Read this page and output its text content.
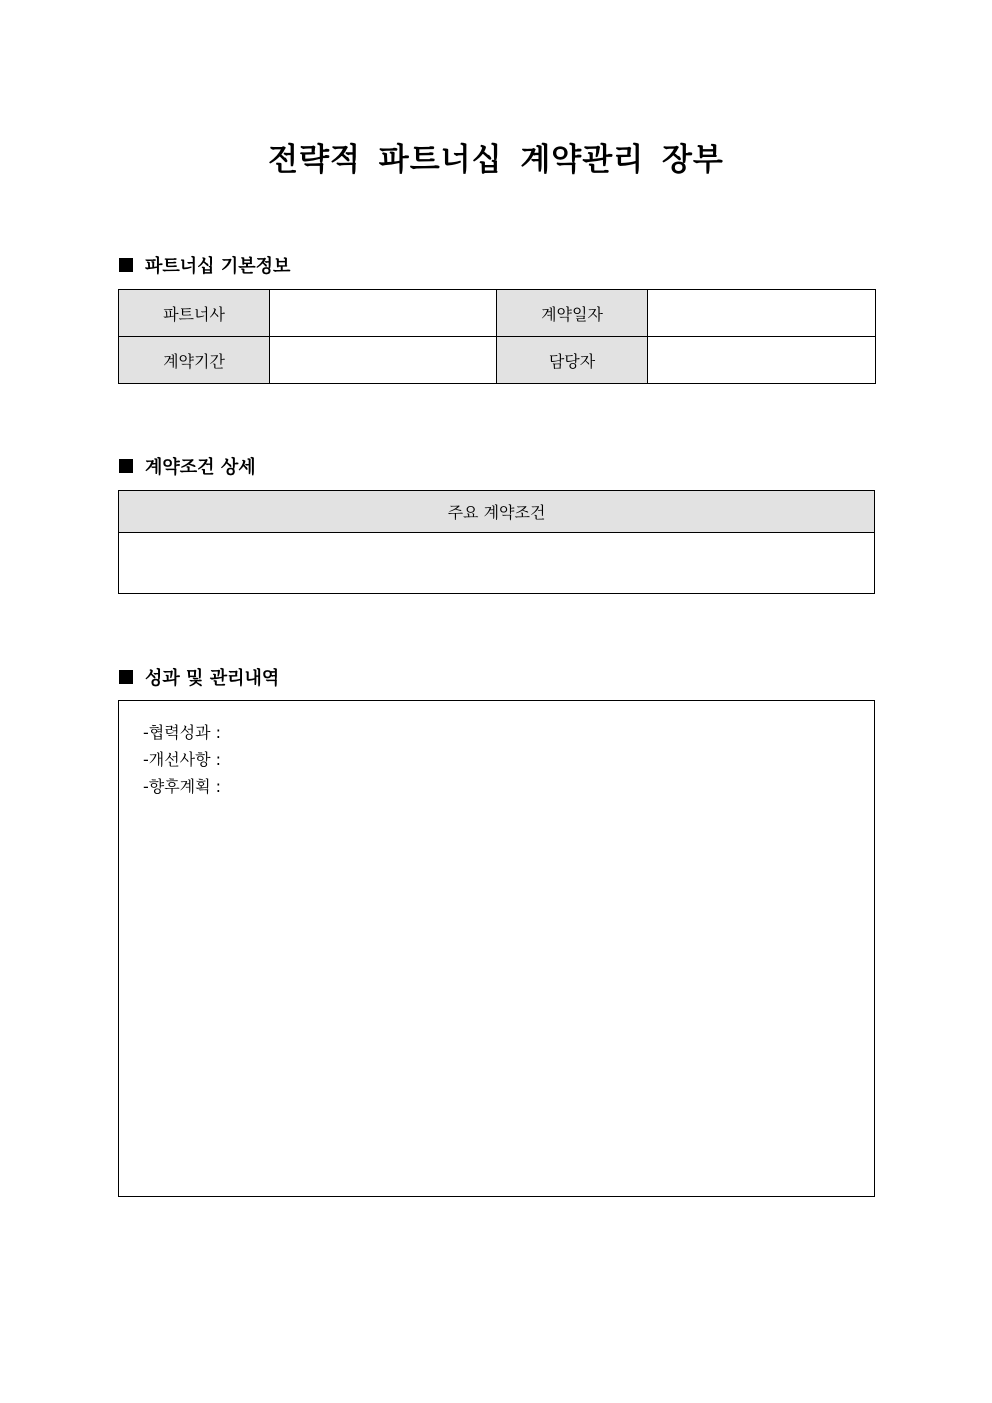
전략적 파트너십 계약관리 장부
파트너십 기본정보
파트너사		계약일자	
계약기간		담당자	
계약조건 상세
주요 계약조건

성과 및 관리내역
-협력성과 :
-개선사항 :
-향후계획 :
